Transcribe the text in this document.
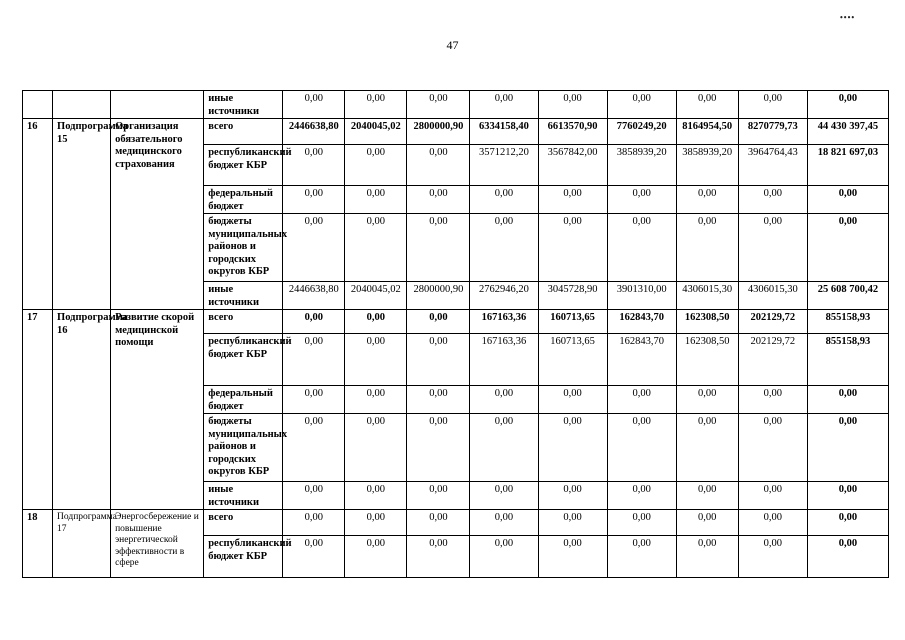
••••
47
			иные источники	0,00	0,00	0,00	0,00	0,00	0,00	0,00	0,00	0,00
16	Подпрограмма 15	Организация обязательного медицинского страхования	всего	2446638,80	2040045,02	2800000,90	6334158,40	6613570,90	7760249,20	8164954,50	8270779,73	44 430 397,45
			республиканский бюджет КБР	0,00	0,00	0,00	3571212,20	3567842,00	3858939,20	3858939,20	3964764,43	18 821 697,03
			федеральный бюджет	0,00	0,00	0,00	0,00	0,00	0,00	0,00	0,00	0,00
			бюджеты муниципальных районов и городских округов КБР	0,00	0,00	0,00	0,00	0,00	0,00	0,00	0,00	0,00
			иные источники	2446638,80	2040045,02	2800000,90	2762946,20	3045728,90	3901310,00	4306015,30	4306015,30	25 608 700,42
17	Подпрограмма 16	Развитие скорой медицинской помощи	всего	0,00	0,00	0,00	167163,36	160713,65	162843,70	162308,50	202129,72	855158,93
			республиканский бюджет КБР	0,00	0,00	0,00	167163,36	160713,65	162843,70	162308,50	202129,72	855158,93
			федеральный бюджет	0,00	0,00	0,00	0,00	0,00	0,00	0,00	0,00	0,00
			бюджеты муниципальных районов и городских округов КБР	0,00	0,00	0,00	0,00	0,00	0,00	0,00	0,00	0,00
			иные источники	0,00	0,00	0,00	0,00	0,00	0,00	0,00	0,00	0,00
18	Подпрограмма 17	Энергосбережение и повышение энергетической эффективности в сфере	всего	0,00	0,00	0,00	0,00	0,00	0,00	0,00	0,00	0,00
			республиканский бюджет КБР	0,00	0,00	0,00	0,00	0,00	0,00	0,00	0,00	0,00
